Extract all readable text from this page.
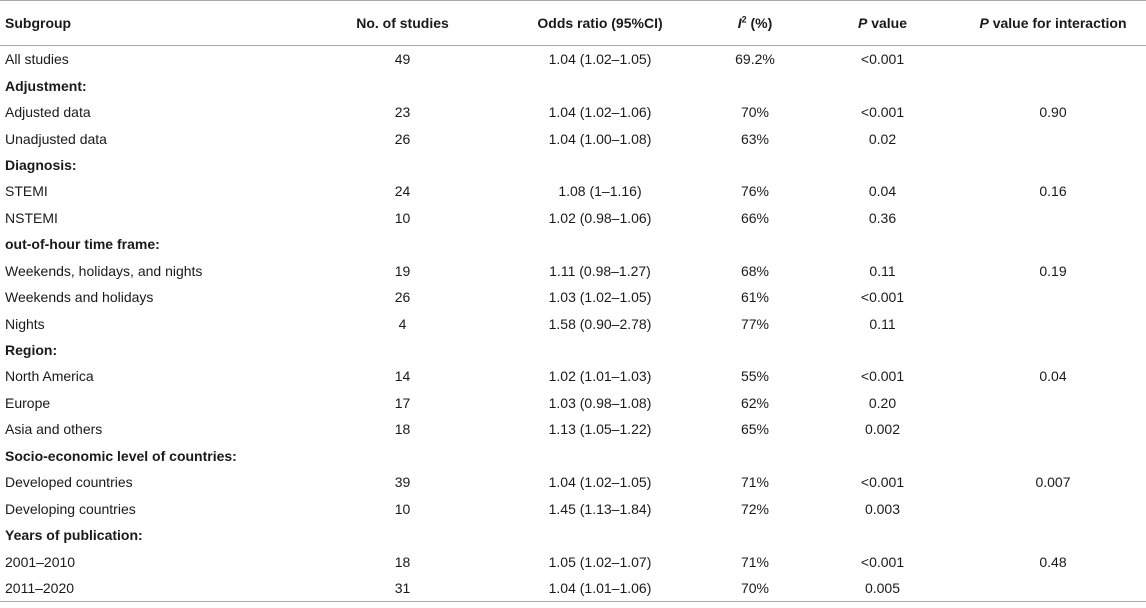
Subgroup	No. of studies	Odds ratio (95%CI)	$I^2$ (%)	P value	P value for interaction
All studies	49	1.04 (1.02–1.05)	69.2%	<0.001	
Adjustment:					
Adjusted data	23	1.04 (1.02–1.06)	70%	<0.001	0.90
Unadjusted data	26	1.04 (1.00–1.08)	63%	0.02	
Diagnosis:					
STEMI	24	1.08 (1–1.16)	76%	0.04	0.16
NSTEMI	10	1.02 (0.98–1.06)	66%	0.36	
out-of-hour time frame:					
Weekends, holidays, and nights	19	1.11 (0.98–1.27)	68%	0.11	0.19
Weekends and holidays	26	1.03 (1.02–1.05)	61%	<0.001	
Nights	4	1.58 (0.90–2.78)	77%	0.11	
Region:					
North America	14	1.02 (1.01–1.03)	55%	<0.001	0.04
Europe	17	1.03 (0.98–1.08)	62%	0.20	
Asia and others	18	1.13 (1.05–1.22)	65%	0.002	
Socio-economic level of countries:					
Developed countries	39	1.04 (1.02–1.05)	71%	<0.001	0.007
Developing countries	10	1.45 (1.13–1.84)	72%	0.003	
Years of publication:					
2001–2010	18	1.05 (1.02–1.07)	71%	<0.001	0.48
2011–2020	31	1.04 (1.01–1.06)	70%	0.005	
